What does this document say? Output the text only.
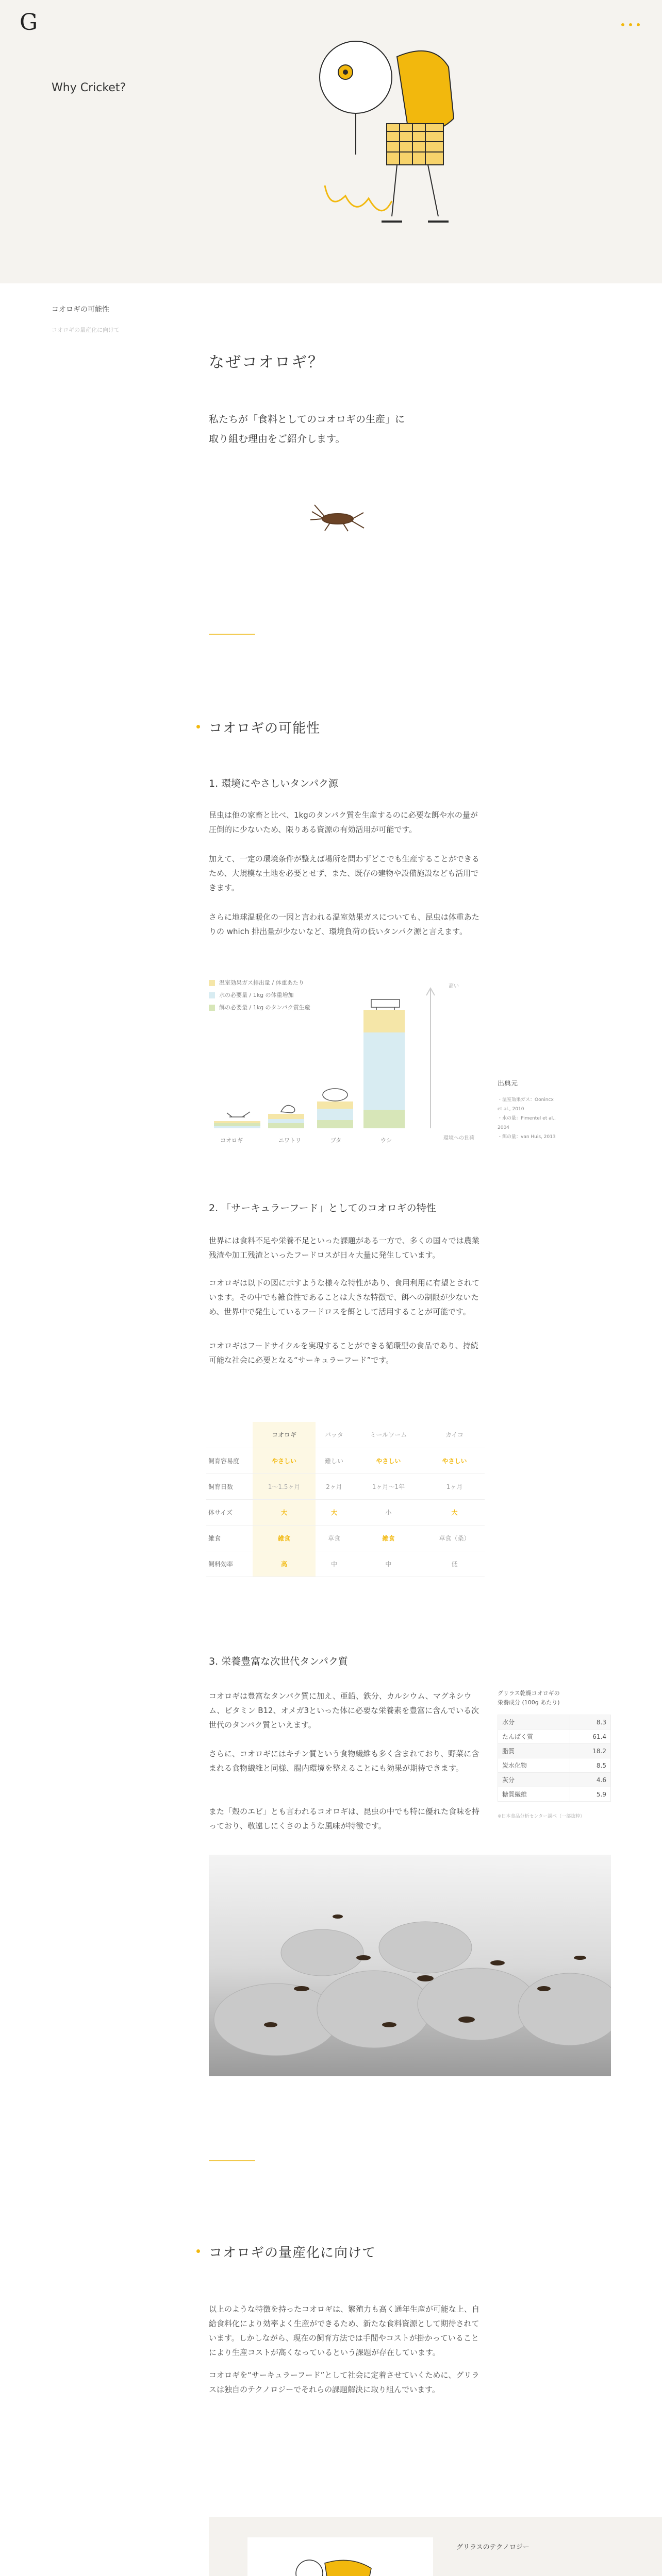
G
Why Cricket?
コオロギの可能性
コオロギの量産化に向けて
なぜコオロギ？
私たちが「食料としてのコオロギの生産」に
取り組む理由をご紹介します。
コオロギの可能性
1. 環境にやさしいタンパク源
昆虫は他の家畜と比べ、1kgのタンパク質を生産するのに必要な餌や水の量が圧倒的に少ないため、限りある資源の有効活用が可能です。
加えて、一定の環境条件が整えば場所を問わずどこでも生産することができるため、大規模な土地を必要とせず、また、既存の建物や設備施設なども活用できます。
さらに地球温暖化の一因と言われる温室効果ガスについても、昆虫は体重あたりの which 排出量が少ないなど、環境負荷の低いタンパク源と言えます。
温室効果ガス排出量 / 体重あたり
水の必要量 / 1kg の体重増加
餌の必要量 / 1kg のタンパク質生産
コオロギ	ニワトリ	ブタ	ウシ
高い
環境への負荷
出典元
・温室効果ガス：Oonincx et al., 2010
・水の量：Pimentel et al., 2004
・餌の量：van Huis, 2013
2. 「サーキュラーフード」としてのコオロギの特性
世界には食料不足や栄養不足といった課題がある一方で、多くの国々では農業残渣や加工残渣といったフードロスが日々大量に発生しています。
コオロギは以下の図に示すような様々な特性があり、食用利用に有望とされています。その中でも雑食性であることは大きな特徴で、餌への制限が少ないため、世界中で発生しているフードロスを餌として活用することが可能です。
コオロギはフードサイクルを実現することができる循環型の食品であり、持続可能な社会に必要となる“サーキュラーフード”です。
	コオロギ	バッタ	ミールワーム	カイコ
飼育容易度	やさしい	難しい	やさしい	やさしい
飼育日数	1〜1.5ヶ月	2ヶ月	1ヶ月〜1年	1ヶ月
体サイズ	大	大	小	大
雑食	雑食	草食	雑食	草食（桑）
飼料効率	高	中	中	低
3. 栄養豊富な次世代タンパク質
コオロギは豊富なタンパク質に加え、亜鉛、鉄分、カルシウム、マグネシウム、ビタミン B12、オメガ3といった体に必要な栄養素を豊富に含んでいる次世代のタンパク質といえます。
さらに、コオロギにはキチン質という食物繊維も多く含まれており、野菜に含まれる食物繊維と同様、腸内環境を整えることにも効果が期待できます。
また「殻のエビ」とも言われるコオロギは、昆虫の中でも特に優れた食味を持っており、敬遠しにくさのような風味が特徴です。
グリラス乾燥コオロギの
栄養成分 (100g あたり)
水分	8.3
たんぱく質	61.4
脂質	18.2
炭水化物	8.5
灰分	4.6
糖質繊維	5.9
※日本食品分析センター調べ（一部抜粋）
コオロギの量産化に向けて
以上のような特徴を持ったコオロギは、繁殖力も高く通年生産が可能な上、自給食料化により効率よく生産ができるため、新たな食料資源として期待されています。しかしながら、現在の飼育方法では手間やコストが掛かっていることにより生産コストが高くなっているという課題が存在しています。
コオロギを“サーキュラーフード”として社会に定着させていくために、グリラスは独自のテクノロジーでそれらの課題解決に取り組んでいます。
グリラスのテクノロジー
